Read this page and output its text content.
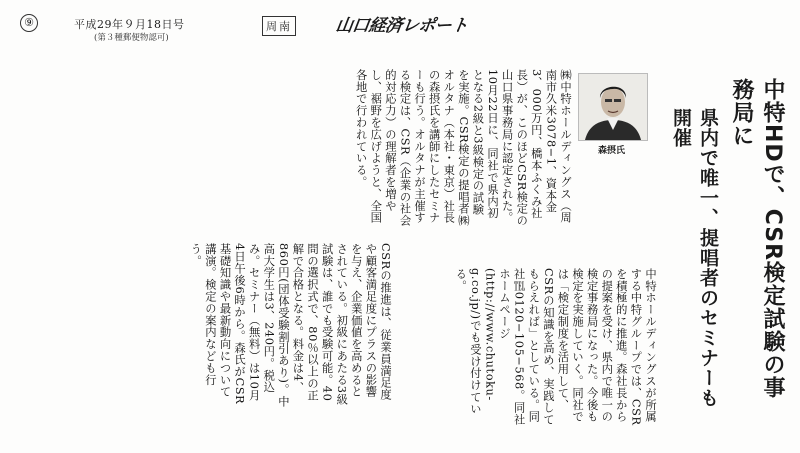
⑨	平成29年９月18日号
(第３種郵便物認可)
周南 山口経済レポート
中特HDで、CSR検定試験の事務局に
県内で唯一、提唱者のセミナーも開催
森摂氏
中特ホールディングスが所属する中特グループでは、CSRを積極的に推進。森社長からの提案を受け、県内で唯一の検定事務局になった。今後も検定を実施していく。同社では「検定制度を活用して、CSRの知識を高め、実践してもらえれば」としている。同社℡0120−105−568。同社ホームページ(http://www.chutoku-g.co.jp/)でも受け付けている。
㈱中特ホールディングス（周南市久米3078−1、資本金3、000万円、橋本ふくみ社長）が、このほどCSR検定の山口県事務局に認定された。10月22日に、同社で県内初となる2級と3級検定の試験を実施。CSR検定の提唱者㈱オルタナ（本社・東京）社長の森摂氏を講師にしたセミナーも行う。オルタナが主催する検定は、CSR（企業の社会的対応力）の理解者を増やし、裾野を広げようと、全国各地で行われている。
CSRの推進は、従業員満足度や顧客満足度にプラスの影響を与え、企業価値を高めるとされている。初級にあたる3級試験は、誰でも受験可能。40問の選択式で、80％以上の正解で合格となる。料金は4、860円(団体受験割引あり)。中高大学生は3、240円。税込み。セミナー（無料）は10月4日午後6時から。森氏がCSR基礎知識や最新動向について講演。検定の案内なども行う。
